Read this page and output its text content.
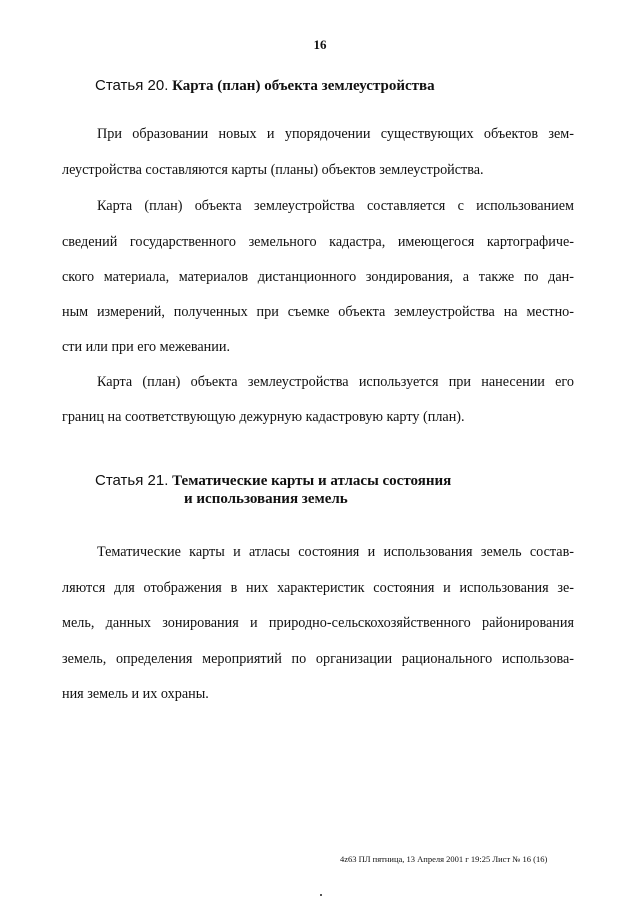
16
Статья 20. Карта (план) объекта землеустройства
При образовании новых и упорядочении существующих объектов зем-
леустройства составляются карты (планы) объектов землеустройства.
Карта (план) объекта землеустройства составляется с использованием
сведений государственного земельного кадастра, имеющегося картографиче-
ского материала, материалов дистанционного зондирования, а также по дан-
ным измерений, полученных при съемке объекта землеустройства на местно-
сти или при его межевании.
Карта (план) объекта землеустройства используется при нанесении его
границ на соответствующую дежурную кадастровую карту (план).
Статья 21. Тематические карты и атласы состояния
и использования земель
Тематические карты и атласы состояния и использования земель состав-
ляются для отображения в них характеристик состояния и использования зе-
мель, данных зонирования и природно-сельскохозяйственного районирования
земель, определения мероприятий по организации рационального использова-
ния земель и их охраны.
4z63 ПЛ пятница, 13 Апреля 2001 г 19:25 Лист № 16 (16)
